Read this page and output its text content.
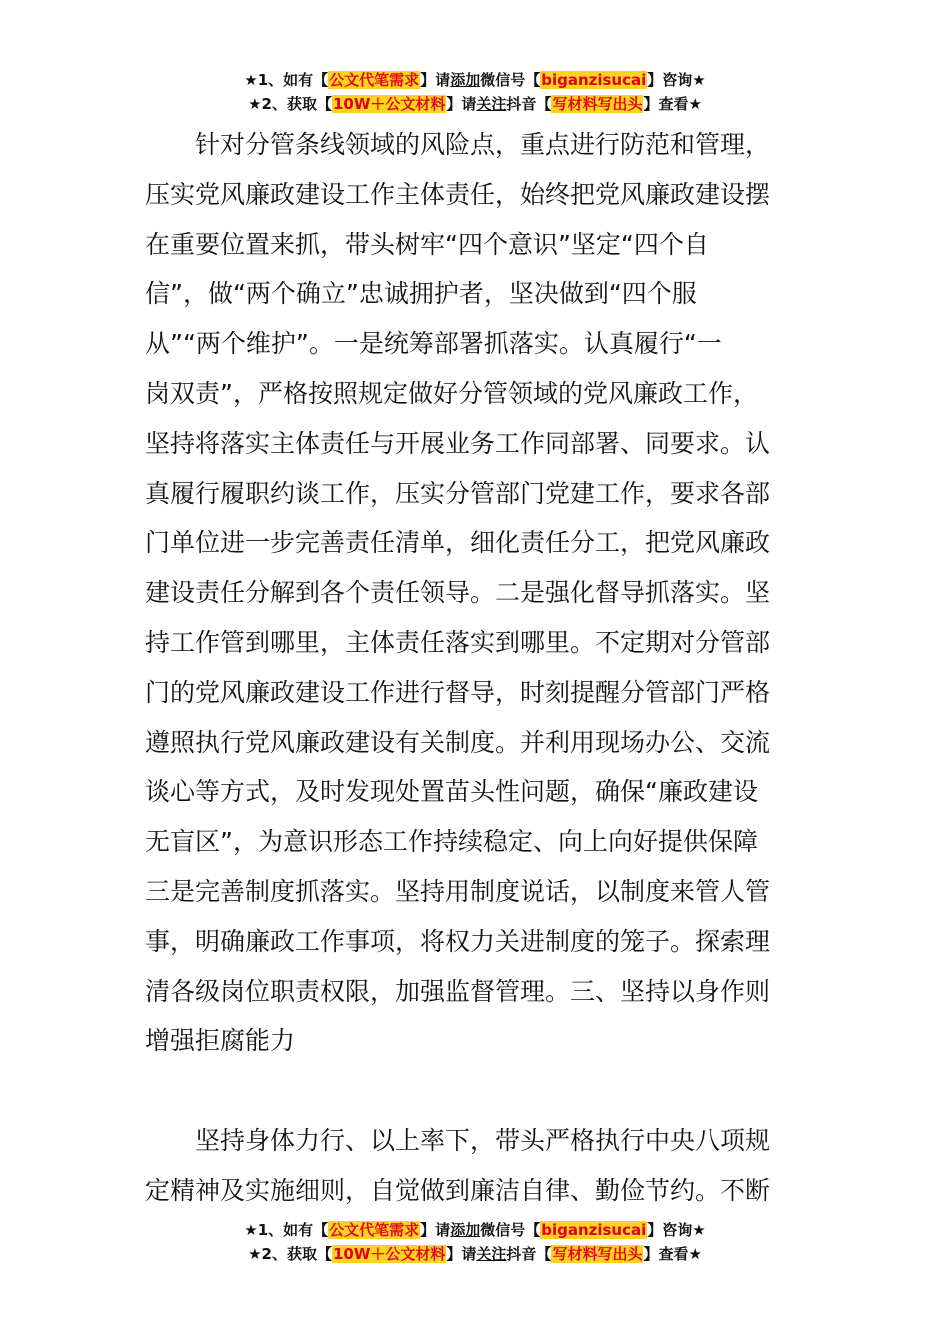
★1、如有【公文代笔需求】请添加微信号【biganzisucai】咨询★
★2、获取【10W＋公文材料】请关注抖音【写材料写出头】查看★
　　针对分管条线领域的风险点，重点进行防范和管理，
压实党风廉政建设工作主体责任，始终把党风廉政建设摆
在重要位置来抓，带头树牢“四个意识”坚定“四个自
信”，做“两个确立”忠诚拥护者，坚决做到“四个服
从”“两个维护”。一是统筹部署抓落实。认真履行“一
岗双责”，严格按照规定做好分管领域的党风廉政工作，
坚持将落实主体责任与开展业务工作同部署、同要求。认
真履行履职约谈工作，压实分管部门党建工作，要求各部
门单位进一步完善责任清单，细化责任分工，把党风廉政
建设责任分解到各个责任领导。二是强化督导抓落实。坚
持工作管到哪里，主体责任落实到哪里。不定期对分管部
门的党风廉政建设工作进行督导，时刻提醒分管部门严格
遵照执行党风廉政建设有关制度。并利用现场办公、交流
谈心等方式，及时发现处置苗头性问题，确保“廉政建设
无盲区”，为意识形态工作持续稳定、向上向好提供保障
三是完善制度抓落实。坚持用制度说话，以制度来管人管
事，明确廉政工作事项，将权力关进制度的笼子。探索理
清各级岗位职责权限，加强监督管理。三、坚持以身作则
增强拒腐能力
　　坚持身体力行、以上率下，带头严格执行中央八项规
定精神及实施细则，自觉做到廉洁自律、勤俭节约。不断
★1、如有【公文代笔需求】请添加微信号【biganzisucai】咨询★
★2、获取【10W＋公文材料】请关注抖音【写材料写出头】查看★
